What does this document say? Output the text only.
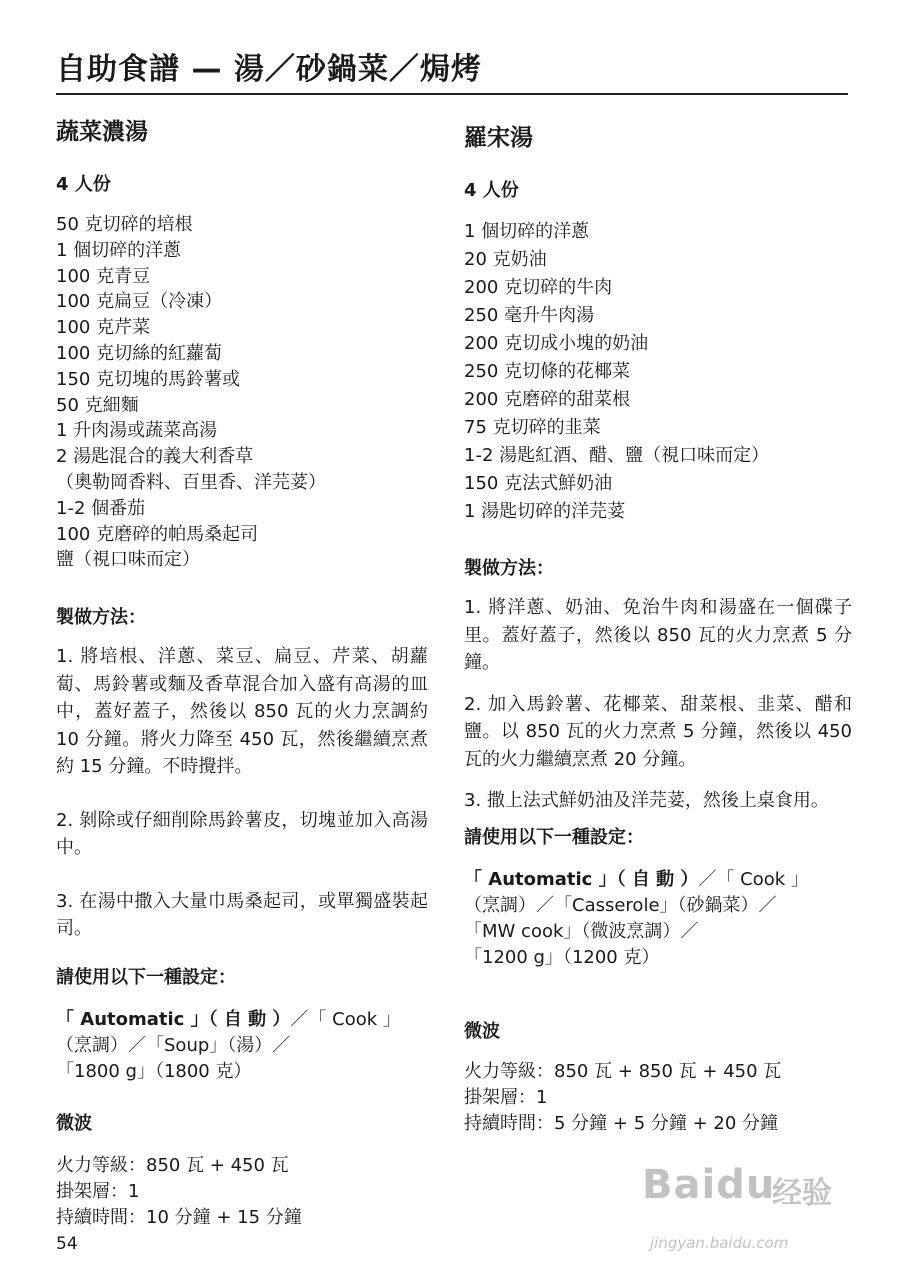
自助食譜 — 湯／砂鍋菜／焗烤
蔬菜濃湯
4 人份
50 克切碎的培根
1 個切碎的洋蔥
100 克青豆
100 克扁豆（冷凍）
100 克芹菜
100 克切絲的紅蘿蔔
150 克切塊的馬鈴薯或
50 克細麵
1 升肉湯或蔬菜高湯
2 湯匙混合的義大利香草
（奧勒岡香料、百里香、洋芫荽）
1-2 個番茄
100 克磨碎的帕馬桑起司
鹽（視口味而定）
製做方法：

1. 將培根、洋蔥、菜豆、扁豆、芹菜、胡蘿蔔、馬鈴薯或麵及香草混合加入盛有高湯的皿中，蓋好蓋子，然後以 850 瓦的火力烹調約 10 分鐘。將火力降至 450 瓦，然後繼續烹煮約 15 分鐘。不時攪拌。

2. 剝除或仔細削除馬鈴薯皮，切塊並加入高湯中。

3. 在湯中撒入大量巾馬桑起司，或單獨盛裝起司。

請使用以下一種設定：
「 Automatic 」（ 自 動 ）／「 Cook 」
（烹調）／「Soup」（湯）／
「1800 g」（1800 克）
微波
火力等級：850 瓦 + 450 瓦
掛架層：1
持續時間：10 分鐘 + 15 分鐘
羅宋湯
4 人份
1 個切碎的洋蔥
20 克奶油
200 克切碎的牛肉
250 毫升牛肉湯
200 克切成小塊的奶油
250 克切條的花椰菜
200 克磨碎的甜菜根
75 克切碎的韭菜
1-2 湯匙紅酒、醋、鹽（視口味而定）
150 克法式鮮奶油
1 湯匙切碎的洋芫荽
製做方法：

1. 將洋蔥、奶油、免治牛肉和湯盛在一個碟子里。蓋好蓋子，然後以 850 瓦的火力烹煮 5 分鐘。

2. 加入馬鈴薯、花椰菜、甜菜根、韭菜、醋和鹽。以 850 瓦的火力烹煮 5 分鐘，然後以 450 瓦的火力繼續烹煮 20 分鐘。

3. 撒上法式鮮奶油及洋芫荽，然後上桌食用。

請使用以下一種設定：
「 Automatic 」（ 自 動 ）／「 Cook 」
（烹調）／「Casserole」（砂鍋菜）／
「MW cook」（微波烹調）／
「1200 g」（1200 克）
微波
火力等級：850 瓦 + 850 瓦 + 450 瓦
掛架層：1
持續時間：5 分鐘 + 5 分鐘 + 20 分鐘
54
Baidu
经验
jingyan.baidu.com
